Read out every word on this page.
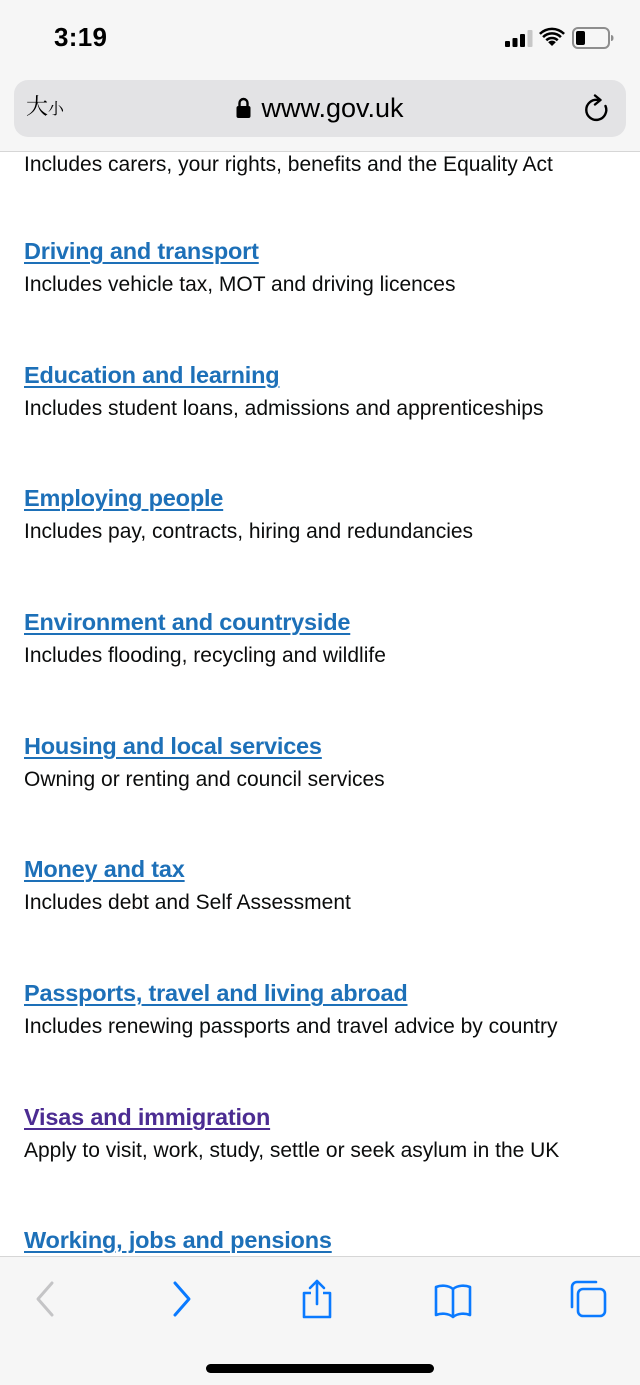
3:19
大小	www.gov.uk
Includes carers, your rights, benefits and the Equality Act
Driving and transport
Includes vehicle tax, MOT and driving licences
Education and learning
Includes student loans, admissions and apprenticeships
Employing people
Includes pay, contracts, hiring and redundancies
Environment and countryside
Includes flooding, recycling and wildlife
Housing and local services
Owning or renting and council services
Money and tax
Includes debt and Self Assessment
Passports, travel and living abroad
Includes renewing passports and travel advice by country
Visas and immigration
Apply to visit, work, study, settle or seek asylum in the UK
Working, jobs and pensions
